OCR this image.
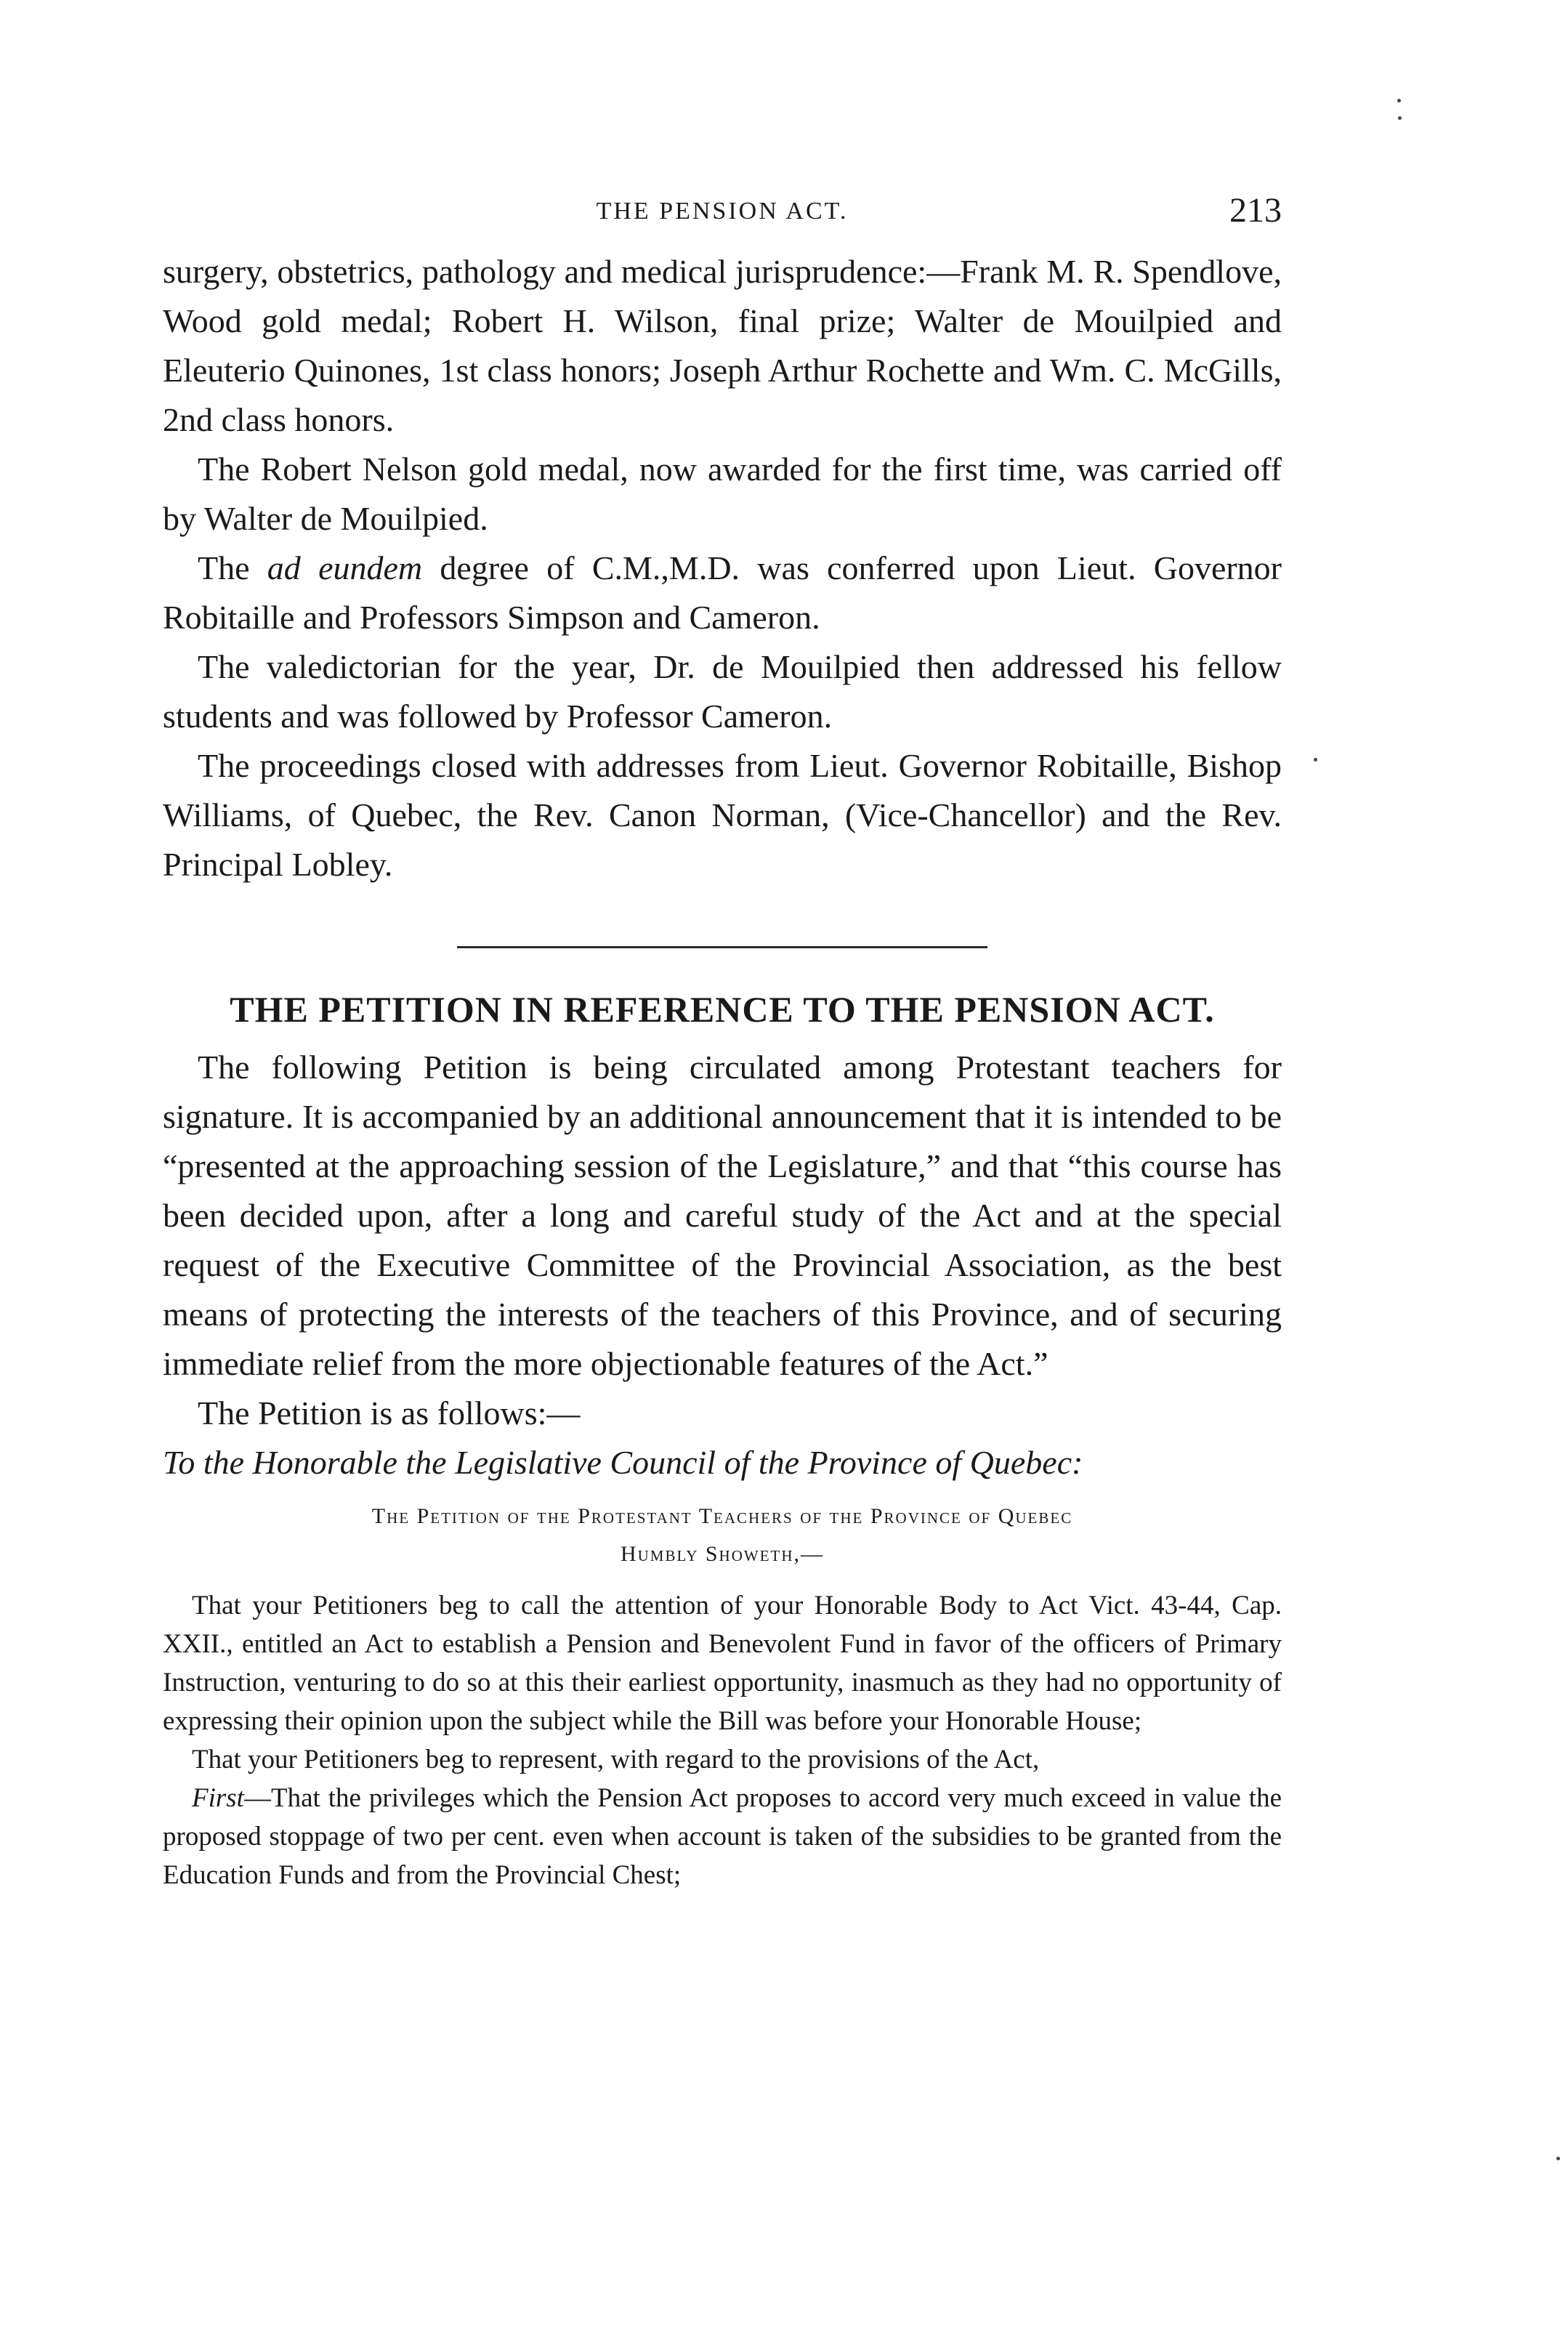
THE PENSION ACT.	213

surgery, obstetrics, pathology and medical jurisprudence:—Frank M. R. Spendlove, Wood gold medal; Robert H. Wilson, final prize; Walter de Mouilpied and Eleuterio Quinones, 1st class honors; Joseph Arthur Rochette and Wm. C. McGills, 2nd class honors.

The Robert Nelson gold medal, now awarded for the first time, was carried off by Walter de Mouilpied.

The ad eundem degree of C.M.,M.D. was conferred upon Lieut. Governor Robitaille and Professors Simpson and Cameron.

The valedictorian for the year, Dr. de Mouilpied then addressed his fellow students and was followed by Professor Cameron.

The proceedings closed with addresses from Lieut. Governor Robitaille, Bishop Williams, of Quebec, the Rev. Canon Norman, (Vice-Chancellor) and the Rev. Principal Lobley.

THE PETITION IN REFERENCE TO THE PENSION ACT.

The following Petition is being circulated among Protestant teachers for signature. It is accompanied by an additional announcement that it is intended to be “presented at the approaching session of the Legislature,” and that “this course has been decided upon, after a long and careful study of the Act and at the special request of the Executive Committee of the Provincial Association, as the best means of protecting the interests of the teachers of this Province, and of securing immediate relief from the more objectionable features of the Act.”

The Petition is as follows:—

To the Honorable the Legislative Council of the Province of Quebec:

The Petition of the Protestant Teachers of the Province of Quebec
Humbly Showeth,—

That your Petitioners beg to call the attention of your Honorable Body to Act Vict. 43-44, Cap. XXII., entitled an Act to establish a Pension and Benevolent Fund in favor of the officers of Primary Instruction, venturing to do so at this their earliest opportunity, inasmuch as they had no opportunity of expressing their opinion upon the subject while the Bill was before your Honorable House;

That your Petitioners beg to represent, with regard to the provisions of the Act,

First—That the privileges which the Pension Act proposes to accord very much exceed in value the proposed stoppage of two per cent. even when account is taken of the subsidies to be granted from the Education Funds and from the Provincial Chest;
